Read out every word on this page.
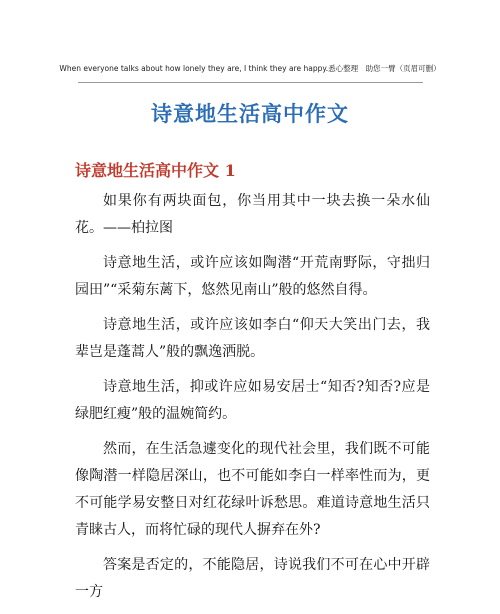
When everyone talks about how lonely they are, I think they are happy.悉心整理　助您一臂（页眉可删）
诗意地生活高中作文
诗意地生活高中作文 1

如果你有两块面包，你当用其中一块去换一朵水仙花。——柏拉图

诗意地生活，或许应该如陶潜“开荒南野际，守拙归园田”“采菊东蓠下，悠然见南山”般的悠然自得。

诗意地生活，或许应该如李白“仰天大笑出门去，我辈岂是蓬蒿人”般的飘逸洒脱。

诗意地生活，抑或许应如易安居士“知否?知否?应是绿肥红瘦”般的温婉简约。

然而，在生活急遽变化的现代社会里，我们既不可能像陶潜一样隐居深山，也不可能如李白一样率性而为，更不可能学易安整日对红花绿叶诉愁思。难道诗意地生活只青睐古人，而将忙碌的现代人摒弃在外?

答案是否定的，不能隐居，诗说我们不可在心中开辟一方
